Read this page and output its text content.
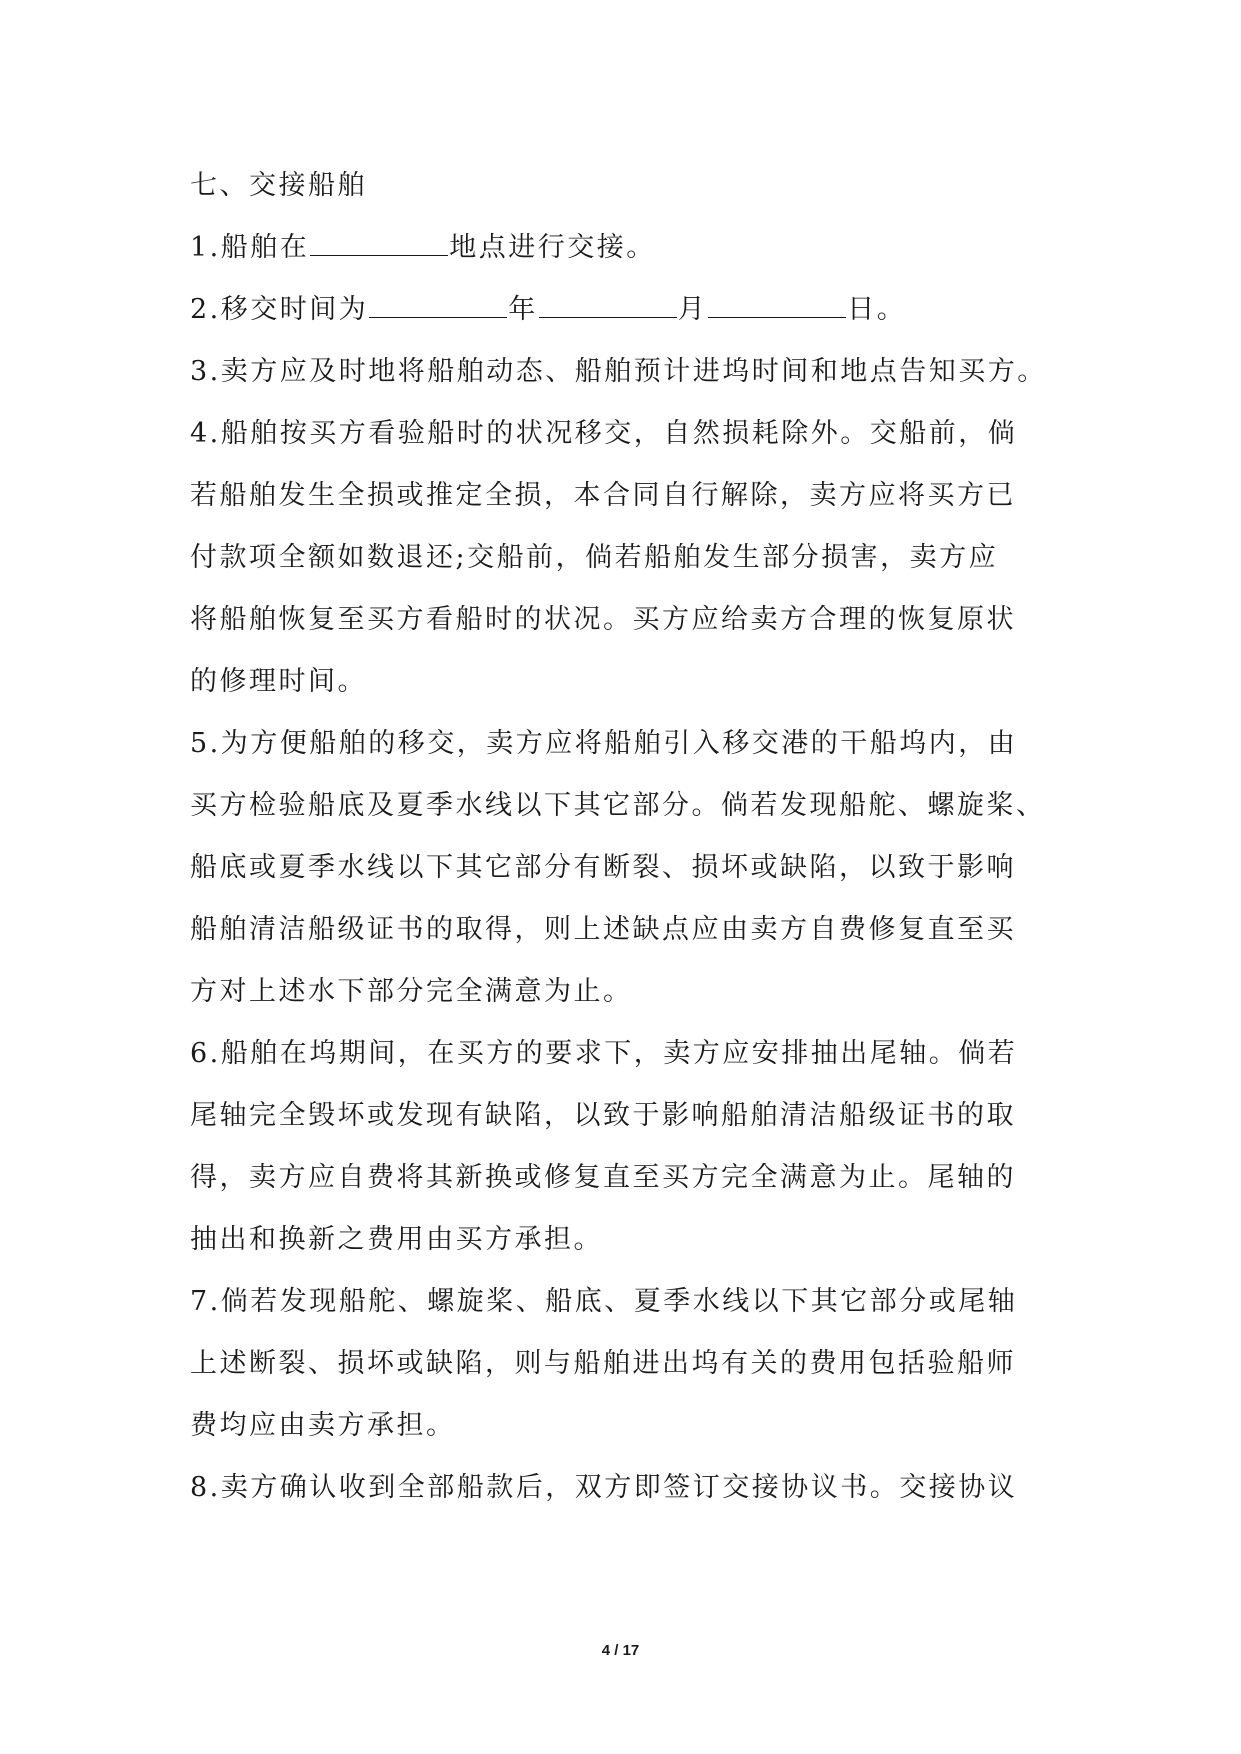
七、交接船舶
1.船舶在	地点进行交接。
2.移交时间为	年	月	日。
3.卖方应及时地将船舶动态、船舶预计进坞时间和地点告知买方。
4.船舶按买方看验船时的状况移交，自然损耗除外。交船前，倘
若船舶发生全损或推定全损，本合同自行解除，卖方应将买方已
付款项全额如数退还;交船前，倘若船舶发生部分损害，卖方应
将船舶恢复至买方看船时的状况。买方应给卖方合理的恢复原状
的修理时间。
5.为方便船舶的移交，卖方应将船舶引入移交港的干船坞内，由
买方检验船底及夏季水线以下其它部分。倘若发现船舵、螺旋桨、
船底或夏季水线以下其它部分有断裂、损坏或缺陷，以致于影响
船舶清洁船级证书的取得，则上述缺点应由卖方自费修复直至买
方对上述水下部分完全满意为止。
6.船舶在坞期间，在买方的要求下，卖方应安排抽出尾轴。倘若
尾轴完全毁坏或发现有缺陷，以致于影响船舶清洁船级证书的取
得，卖方应自费将其新换或修复直至买方完全满意为止。尾轴的
抽出和换新之费用由买方承担。
7.倘若发现船舵、螺旋桨、船底、夏季水线以下其它部分或尾轴
上述断裂、损坏或缺陷，则与船舶进出坞有关的费用包括验船师
费均应由卖方承担。
8.卖方确认收到全部船款后，双方即签订交接协议书。交接协议
4 / 17
